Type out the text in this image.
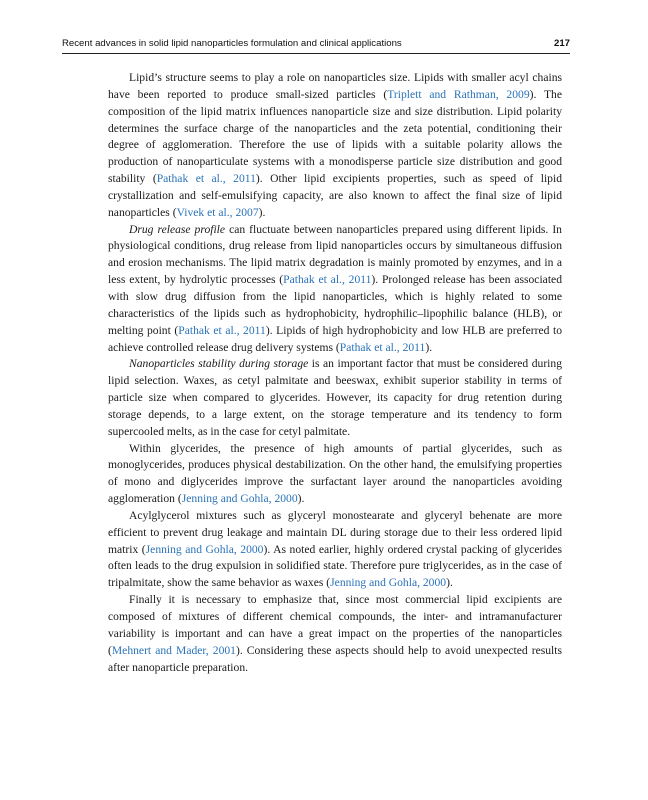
Recent advances in solid lipid nanoparticles formulation and clinical applications	217

Lipid’s structure seems to play a role on nanoparticles size. Lipids with smaller acyl chains have been reported to produce small-sized particles (Triplett and Rathman, 2009). The composition of the lipid matrix influences nanoparticle size and size distribution. Lipid polarity determines the surface charge of the nanoparticles and the zeta potential, conditioning their degree of agglomeration. Therefore the use of lipids with a suitable polarity allows the production of nanoparticulate systems with a monodisperse particle size distribution and good stability (Pathak et al., 2011). Other lipid excipients properties, such as speed of lipid crystallization and self-emulsifying capacity, are also known to affect the final size of lipid nanoparticles (Vivek et al., 2007).

Drug release profile can fluctuate between nanoparticles prepared using different lipids. In physiological conditions, drug release from lipid nanoparticles occurs by simultaneous diffusion and erosion mechanisms. The lipid matrix degradation is mainly promoted by enzymes, and in a less extent, by hydrolytic processes (Pathak et al., 2011). Prolonged release has been associated with slow drug diffusion from the lipid nanoparticles, which is highly related to some characteristics of the lipids such as hydrophobicity, hydrophilic–lipophilic balance (HLB), or melting point (Pathak et al., 2011). Lipids of high hydrophobicity and low HLB are preferred to achieve controlled release drug delivery systems (Pathak et al., 2011).

Nanoparticles stability during storage is an important factor that must be considered during lipid selection. Waxes, as cetyl palmitate and beeswax, exhibit superior stability in terms of particle size when compared to glycerides. However, its capacity for drug retention during storage depends, to a large extent, on the storage temperature and its tendency to form supercooled melts, as in the case for cetyl palmitate.

Within glycerides, the presence of high amounts of partial glycerides, such as monoglycerides, produces physical destabilization. On the other hand, the emulsifying properties of mono and diglycerides improve the surfactant layer around the nanoparticles avoiding agglomeration (Jenning and Gohla, 2000).

Acylglycerol mixtures such as glyceryl monostearate and glyceryl behenate are more efficient to prevent drug leakage and maintain DL during storage due to their less ordered lipid matrix (Jenning and Gohla, 2000). As noted earlier, highly ordered crystal packing of glycerides often leads to the drug expulsion in solidified state. Therefore pure triglycerides, as in the case of tripalmitate, show the same behavior as waxes (Jenning and Gohla, 2000).

Finally it is necessary to emphasize that, since most commercial lipid excipients are composed of mixtures of different chemical compounds, the inter- and intramanufacturer variability is important and can have a great impact on the properties of the nanoparticles (Mehnert and Mader, 2001). Considering these aspects should help to avoid unexpected results after nanoparticle preparation.
